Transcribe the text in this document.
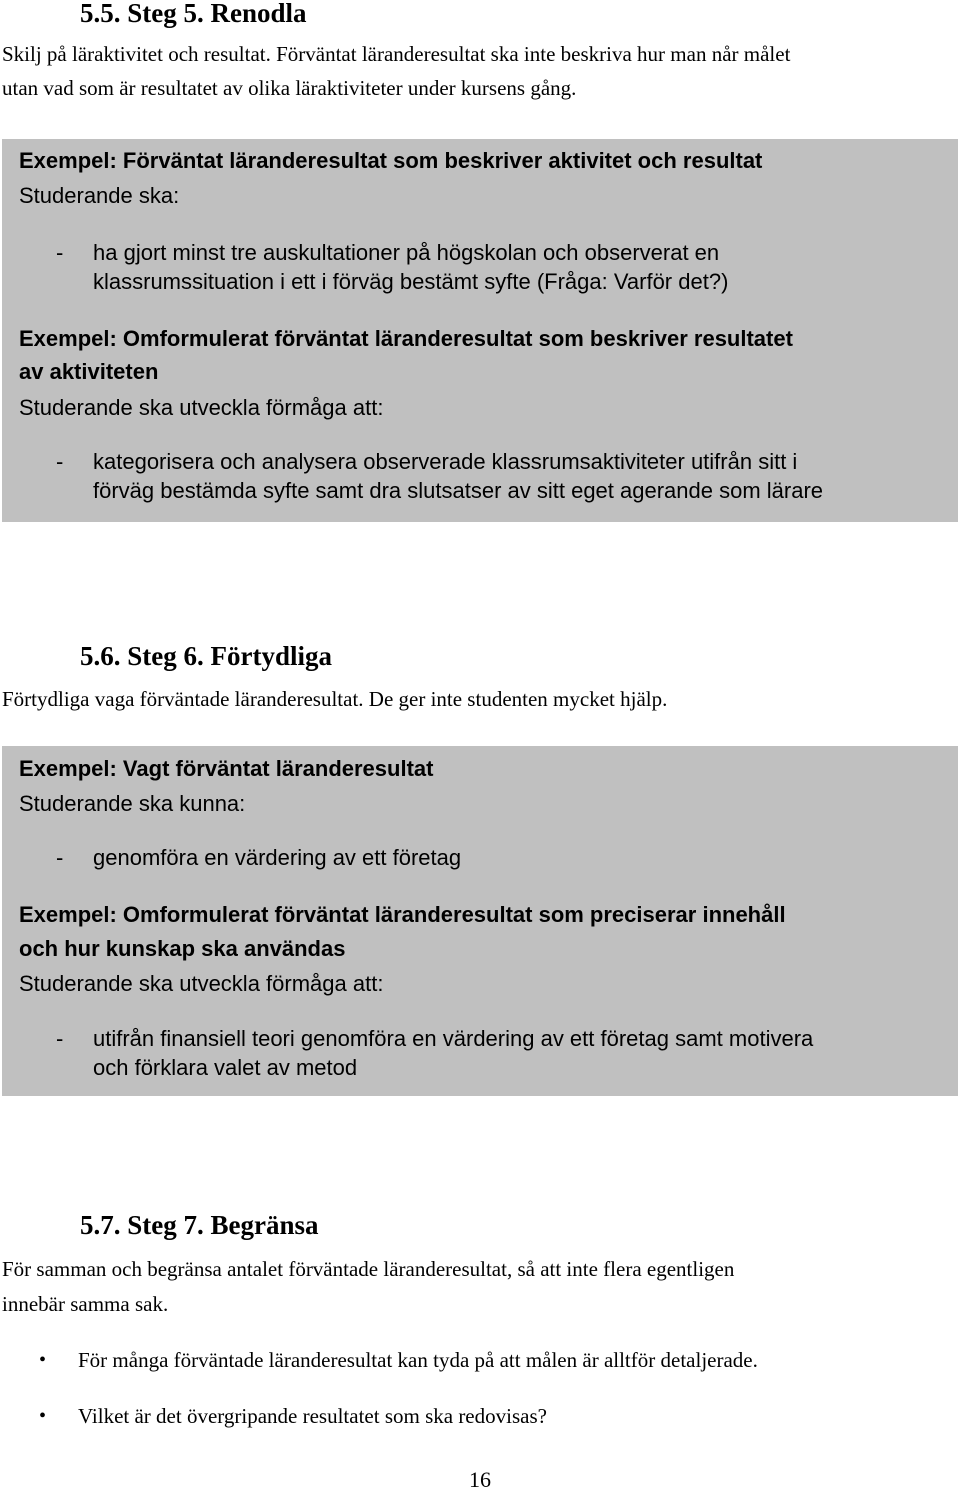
5.5. Steg 5. Renodla
Skilj på läraktivitet och resultat. Förväntat läranderesultat ska inte beskriva hur man når målet
utan vad som är resultatet av olika läraktiviteter under kursens gång.
Exempel: Förväntat läranderesultat som beskriver aktivitet och resultat
Studerande ska:
- ha gjort minst tre auskultationer på högskolan och observerat en
klassrumssituation i ett i förväg bestämt syfte (Fråga: Varför det?)
Exempel: Omformulerat förväntat läranderesultat som beskriver resultatet
av aktiviteten
Studerande ska utveckla förmåga att:
- kategorisera och analysera observerade klassrumsaktiviteter utifrån sitt i
förväg bestämda syfte samt dra slutsatser av sitt eget agerande som lärare
5.6. Steg 6. Förtydliga
Förtydliga vaga förväntade läranderesultat. De ger inte studenten mycket hjälp.
Exempel: Vagt förväntat läranderesultat
Studerande ska kunna:
- genomföra en värdering av ett företag
Exempel: Omformulerat förväntat läranderesultat som preciserar innehåll
och hur kunskap ska användas
Studerande ska utveckla förmåga att:
- utifrån finansiell teori genomföra en värdering av ett företag samt motivera
och förklara valet av metod
5.7. Steg 7. Begränsa
För samman och begränsa antalet förväntade läranderesultat, så att inte flera egentligen
innebär samma sak.
• För många förväntade läranderesultat kan tyda på att målen är alltför detaljerade.
• Vilket är det övergripande resultatet som ska redovisas?
16
